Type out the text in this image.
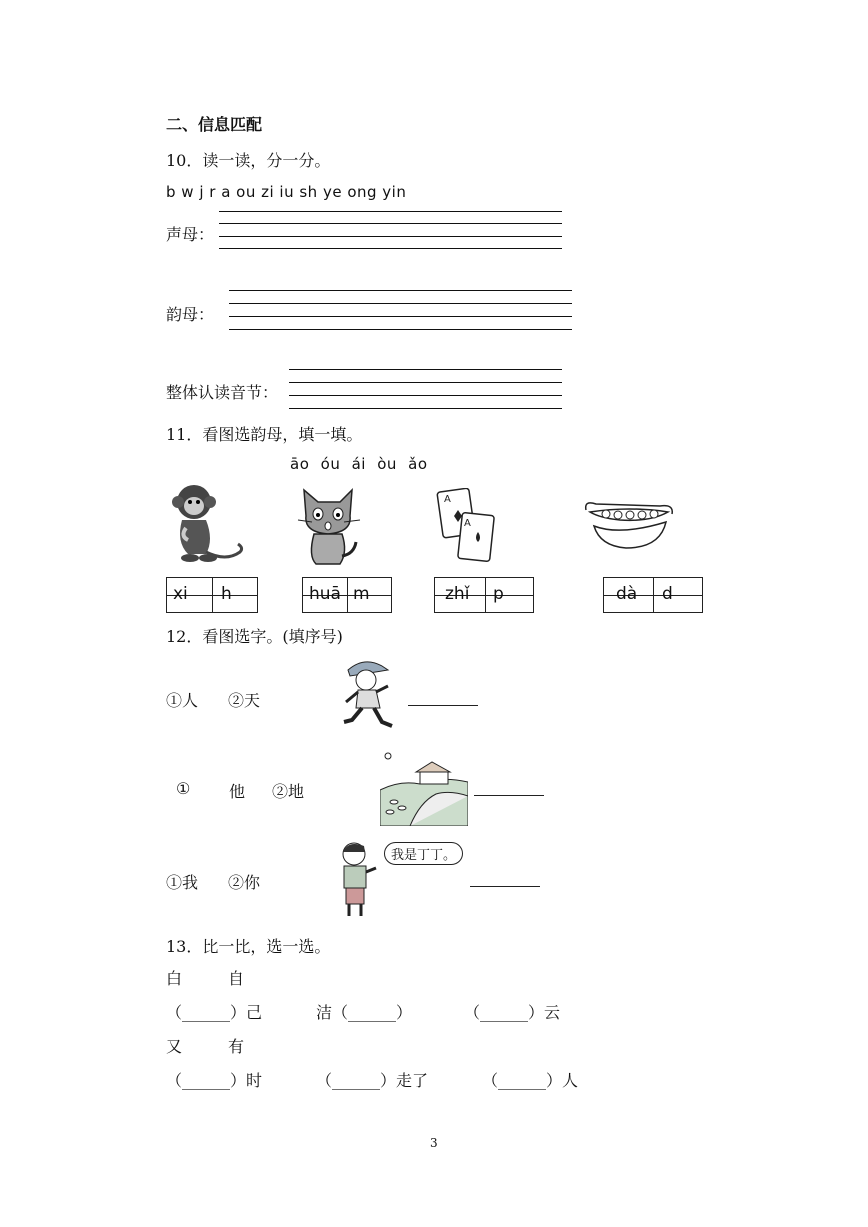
二、信息匹配
10．读一读，分一分。
b w j r a ou zi iu sh ye ong yin
声母：
韵母：
整体认读音节：
11．看图选韵母，填一填。
āo óu ái òu ǎo
A
A
xi h	huā m	zhǐ p	dà d
12．看图选字。(填序号)
①人 ②天
① 他 ②地
①我 ②你
我是丁丁。
13．比一比，选一选。
白	自
（______）己	洁（______）	（______）云
又	有
（______）时	（______）走了	（______）人
3
